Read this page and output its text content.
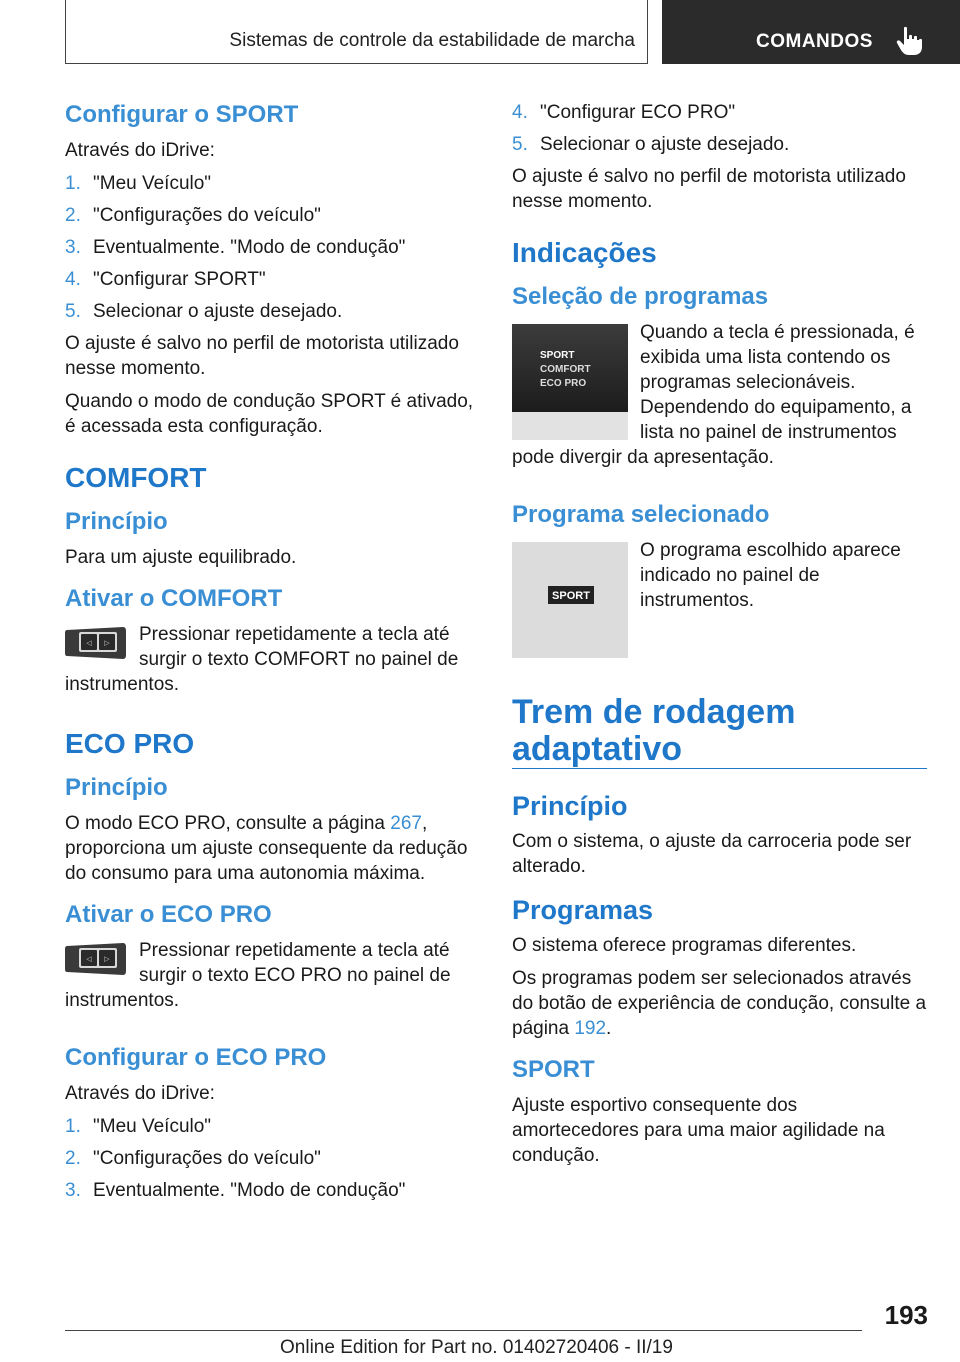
Sistemas de controle da estabilidade de marcha	COMANDOS
Configurar o SPORT

Através do iDrive:

1. "Meu Veículo"
2. "Configurações do veículo"
3. Eventualmente. "Modo de condução"
4. "Configurar SPORT"
5. Selecionar o ajuste desejado.

O ajuste é salvo no perfil de motorista utilizado nesse momento.

Quando o modo de condução SPORT é ativado, é acessada esta configuração.

COMFORT
Princípio

Para um ajuste equilibrado.

Ativar o COMFORT
◁ ▷	Pressionar repetidamente a tecla até surgir o texto COMFORT no painel de instrumentos.

ECO PRO
Princípio

O modo ECO PRO, consulte a página 267, proporciona um ajuste consequente da redução do consumo para uma autonomia máxima.

Ativar o ECO PRO
◁ ▷	Pressionar repetidamente a tecla até surgir o texto ECO PRO no painel de instrumentos.

Configurar o ECO PRO

Através do iDrive:

1. "Meu Veículo"
2. "Configurações do veículo"
3. Eventualmente. "Modo de condução"
4. "Configurar ECO PRO"
5. Selecionar o ajuste desejado.

O ajuste é salvo no perfil de motorista utilizado nesse momento.

Indicações
Seleção de programas
SPORT
COMFORT
ECO PRO

Quando a tecla é pressionada, é exibida uma lista contendo os programas selecionáveis. Dependendo do equipamento, a lista no painel de instrumentos pode divergir da apresentação.

Programa selecionado
SPORT

O programa escolhido aparece indicado no painel de instrumentos.

Trem de rodagem adaptativo
Princípio

Com o sistema, o ajuste da carroceria pode ser alterado.

Programas

O sistema oferece programas diferentes.

Os programas podem ser selecionados através do botão de experiência de condução, consulte a página 192.

SPORT

Ajuste esportivo consequente dos amortecedores para uma maior agilidade na condução.

193
Online Edition for Part no. 01402720406 - II/19
